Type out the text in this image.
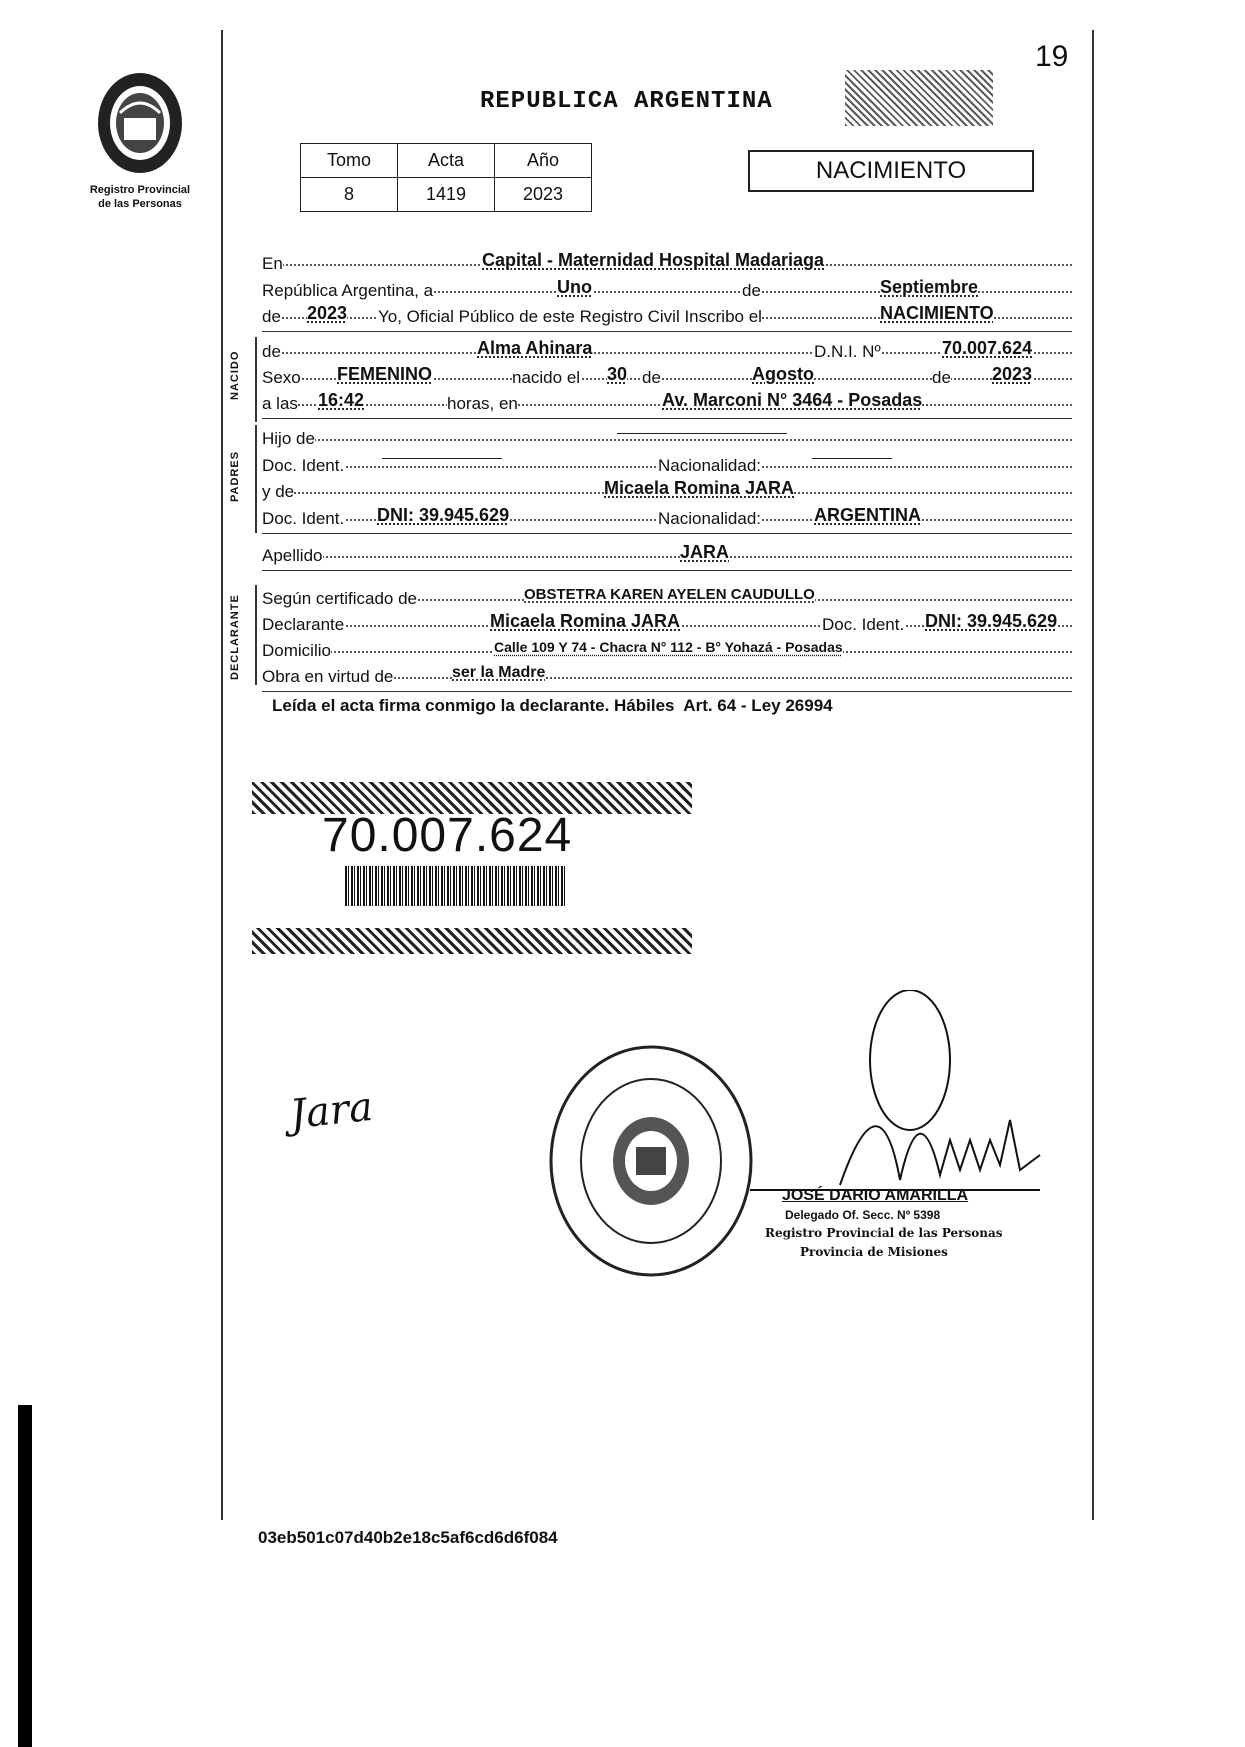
19
Registro Provincial
de las Personas
REPUBLICA ARGENTINA
Tomo	Acta	Año
8	1419	2023
NACIMIENTO
En	Capital - Maternidad Hospital Madariaga
República Argentina, a	Uno	de	Septiembre
de 2023 Yo, Oficial Público de este Registro Civil Inscribo el	NACIMIENTO
NACIDO de	Alma Ahinara	D.N.I. Nº	70.007.624
Sexo FEMENINO	nacido el 30 de	Agosto	de 2023
a las 16:42	horas, en	Av. Marconi N° 3464 - Posadas
PADRES
Hijo de
Doc. Ident.	Nacionalidad:
y de	Micaela Romina JARA
Doc. Ident. DNI: 39.945.629	Nacionalidad:	ARGENTINA
Apellido	JARA
DECLARANTE Según certificado de	OBSTETRA KAREN AYELEN CAUDULLO
Declarante	Micaela Romina JARA	Doc. Ident. DNI: 39.945.629
Domicilio	Calle 109 Y 74 - Chacra N° 112 - B° Yohazá - Posadas
Obra en virtud de	ser la Madre
Leída el acta firma conmigo la declarante. Hábiles  Art. 64 - Ley 26994
70.007.624
Jara
JOSÉ DARIO AMARILLA
Delegado Of. Secc. Nº 5398
Registro Provincial de las Personas
Provincia de Misiones
03eb501c07d40b2e18c5af6cd6d6f084
